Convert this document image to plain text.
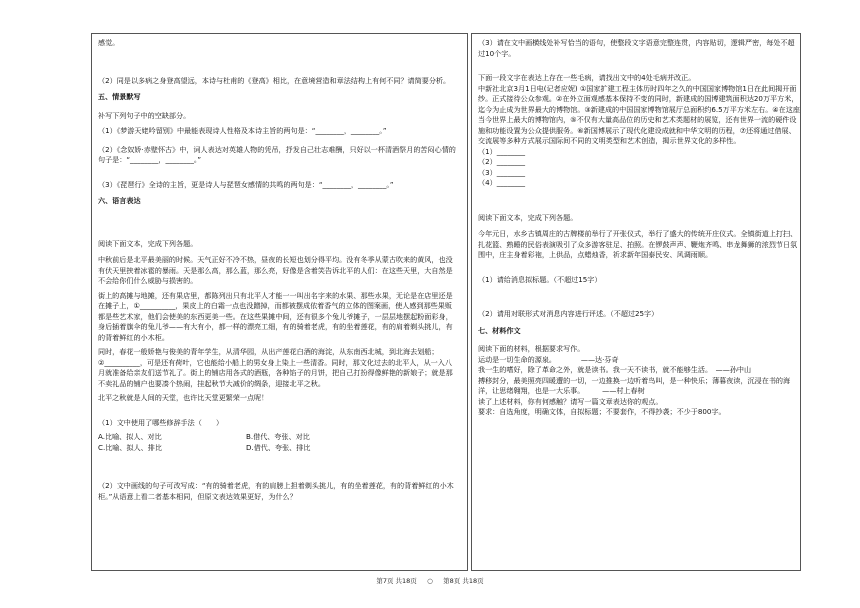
感觉。

（2）同是以多病之身登高望远，本诗与杜甫的《登高》相比，在意境营造和章法结构上有何不同？请简要分析。

五、情景默写

补写下列句子中的空缺部分。

（1）《梦游天姥吟留别》中最能表现诗人性格及本诗主旨的两句是：“________，________。”

（2）《念奴娇·赤壁怀古》中，词人表达对英雄人物的凭吊，抒发自己壮志难酬，只好以一杯清酒祭月的苦闷心情的句子是：“________，________。”

（3）《琵琶行》全诗的主旨，更是诗人与琵琶女感情的共鸣的两句是：“________，________。”

六、语言表达

阅读下面文本，完成下列各题。

中秋前后是北平最美丽的时候。天气正好不冷不热，昼夜的长短也划分得平均。没有冬季从蒙古吹来的黄风，也没有伏天里挟着冰雹的暴雨。天是那么高，那么蓝，那么亮，好像是含着笑告诉北平的人们：在这些天里，大自然是不会给你们什么威胁与损害的。

街上的高摊与地摊，还有果店里，都陈列出只有北平人才能一一叫出名字来的水果、那些水果，无论是在店里还是在摊子上，①__________，果皮上的白霜一点也没蹭掉，而都被摆成依着香气的立体的图案画，使人感到那些果贩都是些艺术家，他们会使美的东西更美一些。在这些果摊中间，还有很多个兔儿爷摊子，一层层地摆起粉面彩身，身后插着旗伞的兔儿爷——有大有小，都一样的漂亮工细，有的骑着老虎，有的坐着莲花，有的肩着剃头挑儿，有的背着鲜红的小木柜。

同时，春花一般娇艳与俊美的青年学生，从清华园，从出产莲花白酒的海淀，从东南西北城，到北海去划船；②__________，可是还有荷叶，它也能给小船上的男女身上染上一些清香。同时，那文化过去的北平人，从一入八月就准备给亲友们送节礼了。街上的铺店用各式的酒瓶，各种馅子的月饼，把自己打扮得像鲜艳的新娘子；就是那不卖礼品的铺户也要凑个热闹，挂起秋节大减价的绸条，迎接北平之秋。

北平之秋就是人间的天堂，也许比天堂更繁荣一点呢！

（1）文中使用了哪些修辞手法（　　）

A.比喻、拟人、对比	B.借代、夸张、对比
C.比喻、拟人、排比	D.借代、夸张、排比

（2）文中画线的句子可改写成：“有的骑着老虎，有的肩膀上担着剃头挑儿，有的坐着莲花，有的背着鲜红的小木柜。”从语意上看二者基本相同，但原文表达效果更好，为什么？

（3）请在文中画横线处补写恰当的语句，使整段文字语意完整连贯，内容贴切，逻辑严密，每处不超过10个字。

下面一段文字在表达上存在一些毛病，请找出文中的4处毛病并改正。

中新社北京3月1日电(记者应妮) ①国家扩建工程主体历时四年之久的中国国家博物馆1日在此间揭开面纱。正式接待公众参观。②在外立面观感基本保持不变的同时，新建成的国博建筑面积达20万平方米，迄今为止成为世界最大的博物馆。③新建成的中国国家博物馆展厅总面积约6.5万平方米左右。④在这座当今世界上最大的博物馆内，⑤不仅有大量高品位的历史和艺术类题材的展览，还有世界一流的硬件设施和功能设置为公众提供服务。⑥新国博展示了现代化建设成就和中华文明的历程，⑦还将通过借展、交流展等多种方式展示国际间不同的文明类型和艺术创造，揭示世界文化的多样性。

（1）________

（2）________

（3）________

（4）________

阅读下面文本，完成下列各题。

今年元日，水乡古镇周庄的古牌楼前举行了开张仪式，举行了盛大的传统开庄仪式。全镇街道上打扫、扎花篮、熟睡的民俗表演吸引了众多游客驻足、拍照。在锣鼓声声、鞭炮齐鸣、串龙舞狮的浓烈节日氛围中，庄主身着彩袍，上供品，点蜡烛香，祈求新年国泰民安、风调雨顺。

（1）请给消息拟标题。（不超过15字）

（2）请用对联形式对消息内容进行评述。（不超过25字）

七、材料作文

阅读下面的材料，根据要求写作。

运动是一切生命的源泉。　　　　——达·芬奇

我一生的嗜好，除了革命之外，就是读书。我一天不读书，就不能够生活。　——孙中山

搏移封分，最美照亮四暖遭的一切，一边推换一边听着鸟叫，是一种快乐；薄暮夜读，沉浸在书的海洋，让思绪翱翔，也是一大乐事。　　　——村上春树

读了上述材料，你有何感触？请写一篇文章表达你的观点。

要求：自选角度，明确文体，自拟标题；不要套作，不得抄袭；不少于800字。

第7页 共18页 ○ 第8页 共18页
